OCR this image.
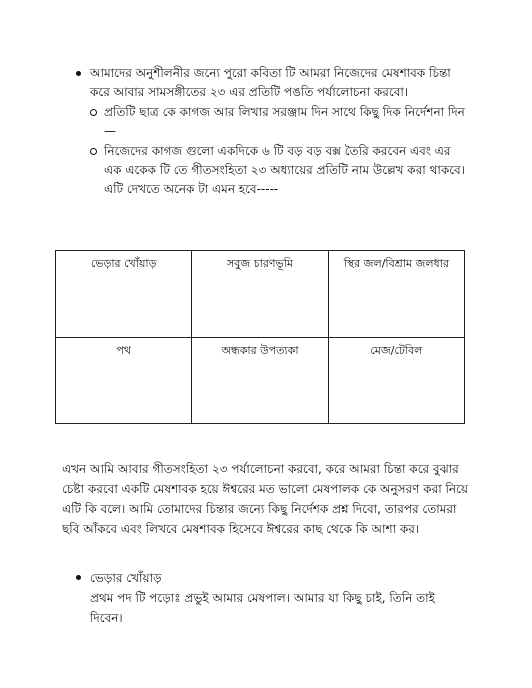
আমাদের অনুশীলনীর জন্যে পুরো কবিতা টি আমরা নিজেদের মেষশাবক চিন্তা করে আবার সামসঙ্গীতের ২৩ এর প্রতিটি পঙতি পর্যালোচনা করবো।
প্রতিটি ছাত্র কে কাগজ আর লিখার সরঞ্জাম দিন সাথে কিছু দিক নির্দেশনা দিন—
নিজেদের কাগজ গুলো একদিকে ৬ টি বড় বড় বক্স তৈরি করবেন এবং এর এক একেক টি তে গীতসংহিতা ২৩ অধ্যায়ের প্রতিটি নাম উল্লেখ করা থাকবে। এটি দেখতে অনেক টা এমন হবে-----
ভেড়ার খোঁয়াড়	সবুজ চারণভূমি	স্থির জল/বিশ্রাম জলধার
পথ	অন্ধকার উপত্যকা	মেজ/টেবিল
এখন আমি আবার গীতসংহিতা ২৩ পর্যালোচনা করবো, করে আমরা চিন্তা করে বুঝার চেষ্টা করবো একটি মেষশাবক হয়ে ঈশ্বরের মত ভালো মেষপালক কে অনুসরণ করা নিয়ে এটি কি বলে। আমি তোমাদের চিন্তার জন্যে কিছু নির্দেশক প্রশ্ন দিবো, তারপর তোমরা ছবি আঁকবে এবং লিখবে মেষশাবক হিসেবে ঈশ্বরের কাছ থেকে কি আশা কর।
ভেড়ার খোঁয়াড়
প্রথম পদ টি পড়োঃ প্রভুই আমার মেষপাল। আমার যা কিছু চাই, তিনি তাই দিবেন।
